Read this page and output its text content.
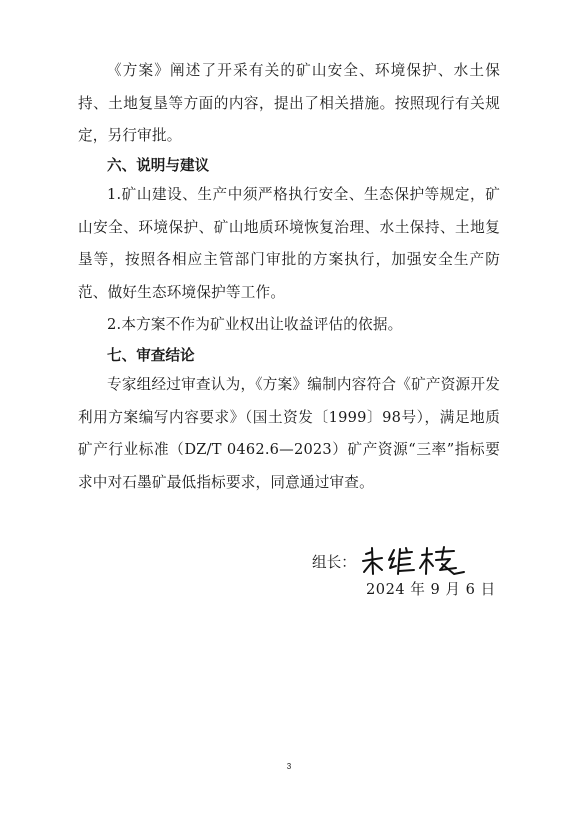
《方案》阐述了开采有关的矿山安全、环境保护、水土保持、土地复垦等方面的内容，提出了相关措施。按照现行有关规定，另行审批。
六、说明与建议
1.矿山建设、生产中须严格执行安全、生态保护等规定，矿山安全、环境保护、矿山地质环境恢复治理、水土保持、土地复垦等，按照各相应主管部门审批的方案执行，加强安全生产防范、做好生态环境保护等工作。
2.本方案不作为矿业权出让收益评估的依据。
七、审查结论
专家组经过审查认为，《方案》编制内容符合《矿产资源开发利用方案编写内容要求》（国土资发〔1999〕98号），满足地质矿产行业标准（DZ/T 0462.6—2023）矿产资源“三率”指标要求中对石墨矿最低指标要求，同意通过审查。
组长：
2024 年 9 月 6 日
3
